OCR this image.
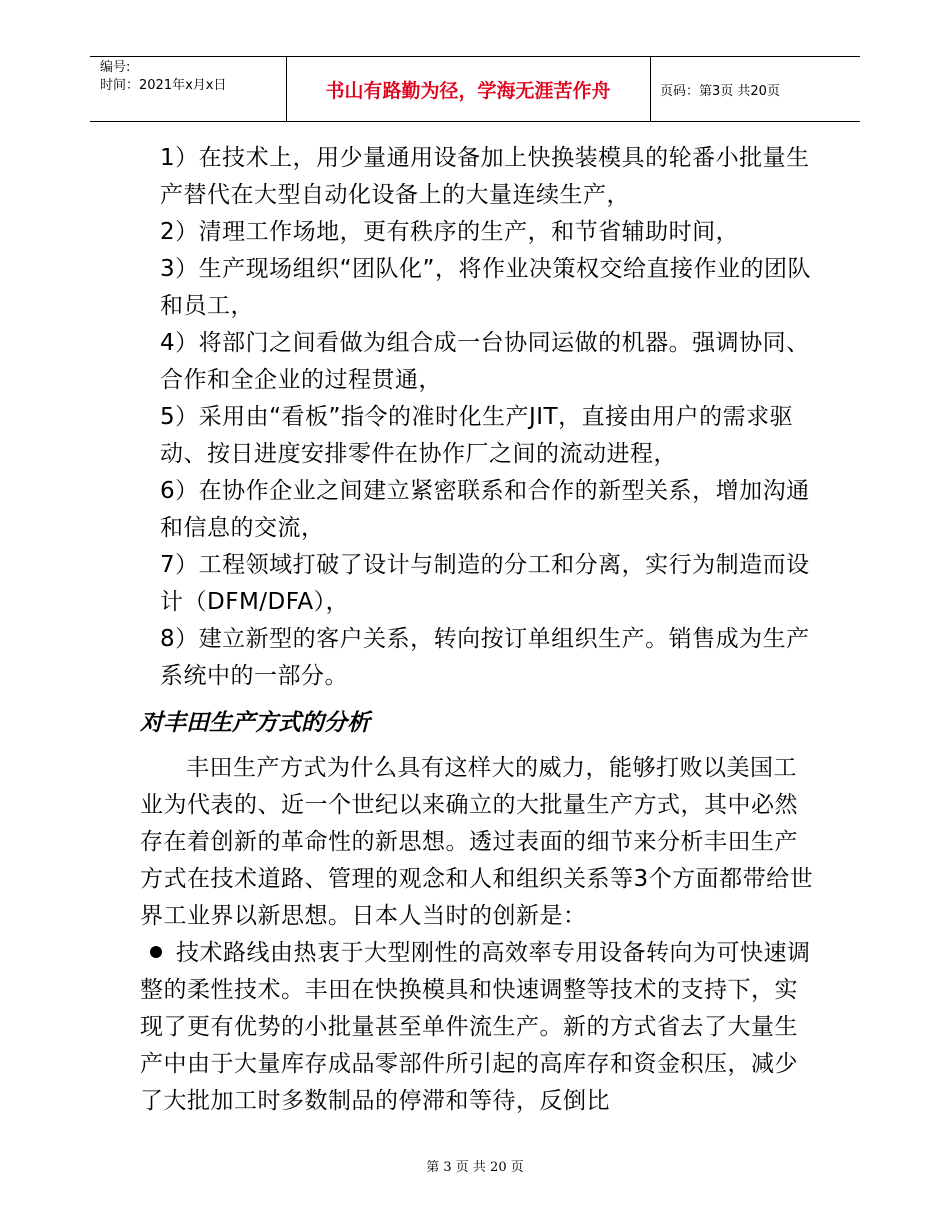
编号:
时间：2021年x月x日	书山有路勤为径，学海无涯苦作舟	页码：第3页 共20页

1）在技术上，用少量通用设备加上快换装模具的轮番小批量生产替代在大型自动化设备上的大量连续生产，

2）清理工作场地，更有秩序的生产，和节省辅助时间，

3）生产现场组织“团队化”，将作业决策权交给直接作业的团队和员工，

4）将部门之间看做为组合成一台协同运做的机器。强调协同、合作和全企业的过程贯通，

5）采用由“看板”指令的准时化生产JIT，直接由用户的需求驱动、按日进度安排零件在协作厂之间的流动进程，

6）在协作企业之间建立紧密联系和合作的新型关系，增加沟通和信息的交流，

7）工程领域打破了设计与制造的分工和分离，实行为制造而设计（DFM/DFA），

8）建立新型的客户关系，转向按订单组织生产。销售成为生产系统中的一部分。

对丰田生产方式的分析

丰田生产方式为什么具有这样大的威力，能够打败以美国工业为代表的、近一个世纪以来确立的大批量生产方式，其中必然存在着创新的革命性的新思想。透过表面的细节来分析丰田生产方式在技术道路、管理的观念和人和组织关系等3个方面都带给世界工业界以新思想。日本人当时的创新是：

技术路线由热衷于大型刚性的高效率专用设备转向为可快速调整的柔性技术。丰田在快换模具和快速调整等技术的支持下，实现了更有优势的小批量甚至单件流生产。新的方式省去了大量生产中由于大量库存成品零部件所引起的高库存和资金积压，减少了大批加工时多数制品的停滞和等待，反倒比

第 3 页 共 20 页
